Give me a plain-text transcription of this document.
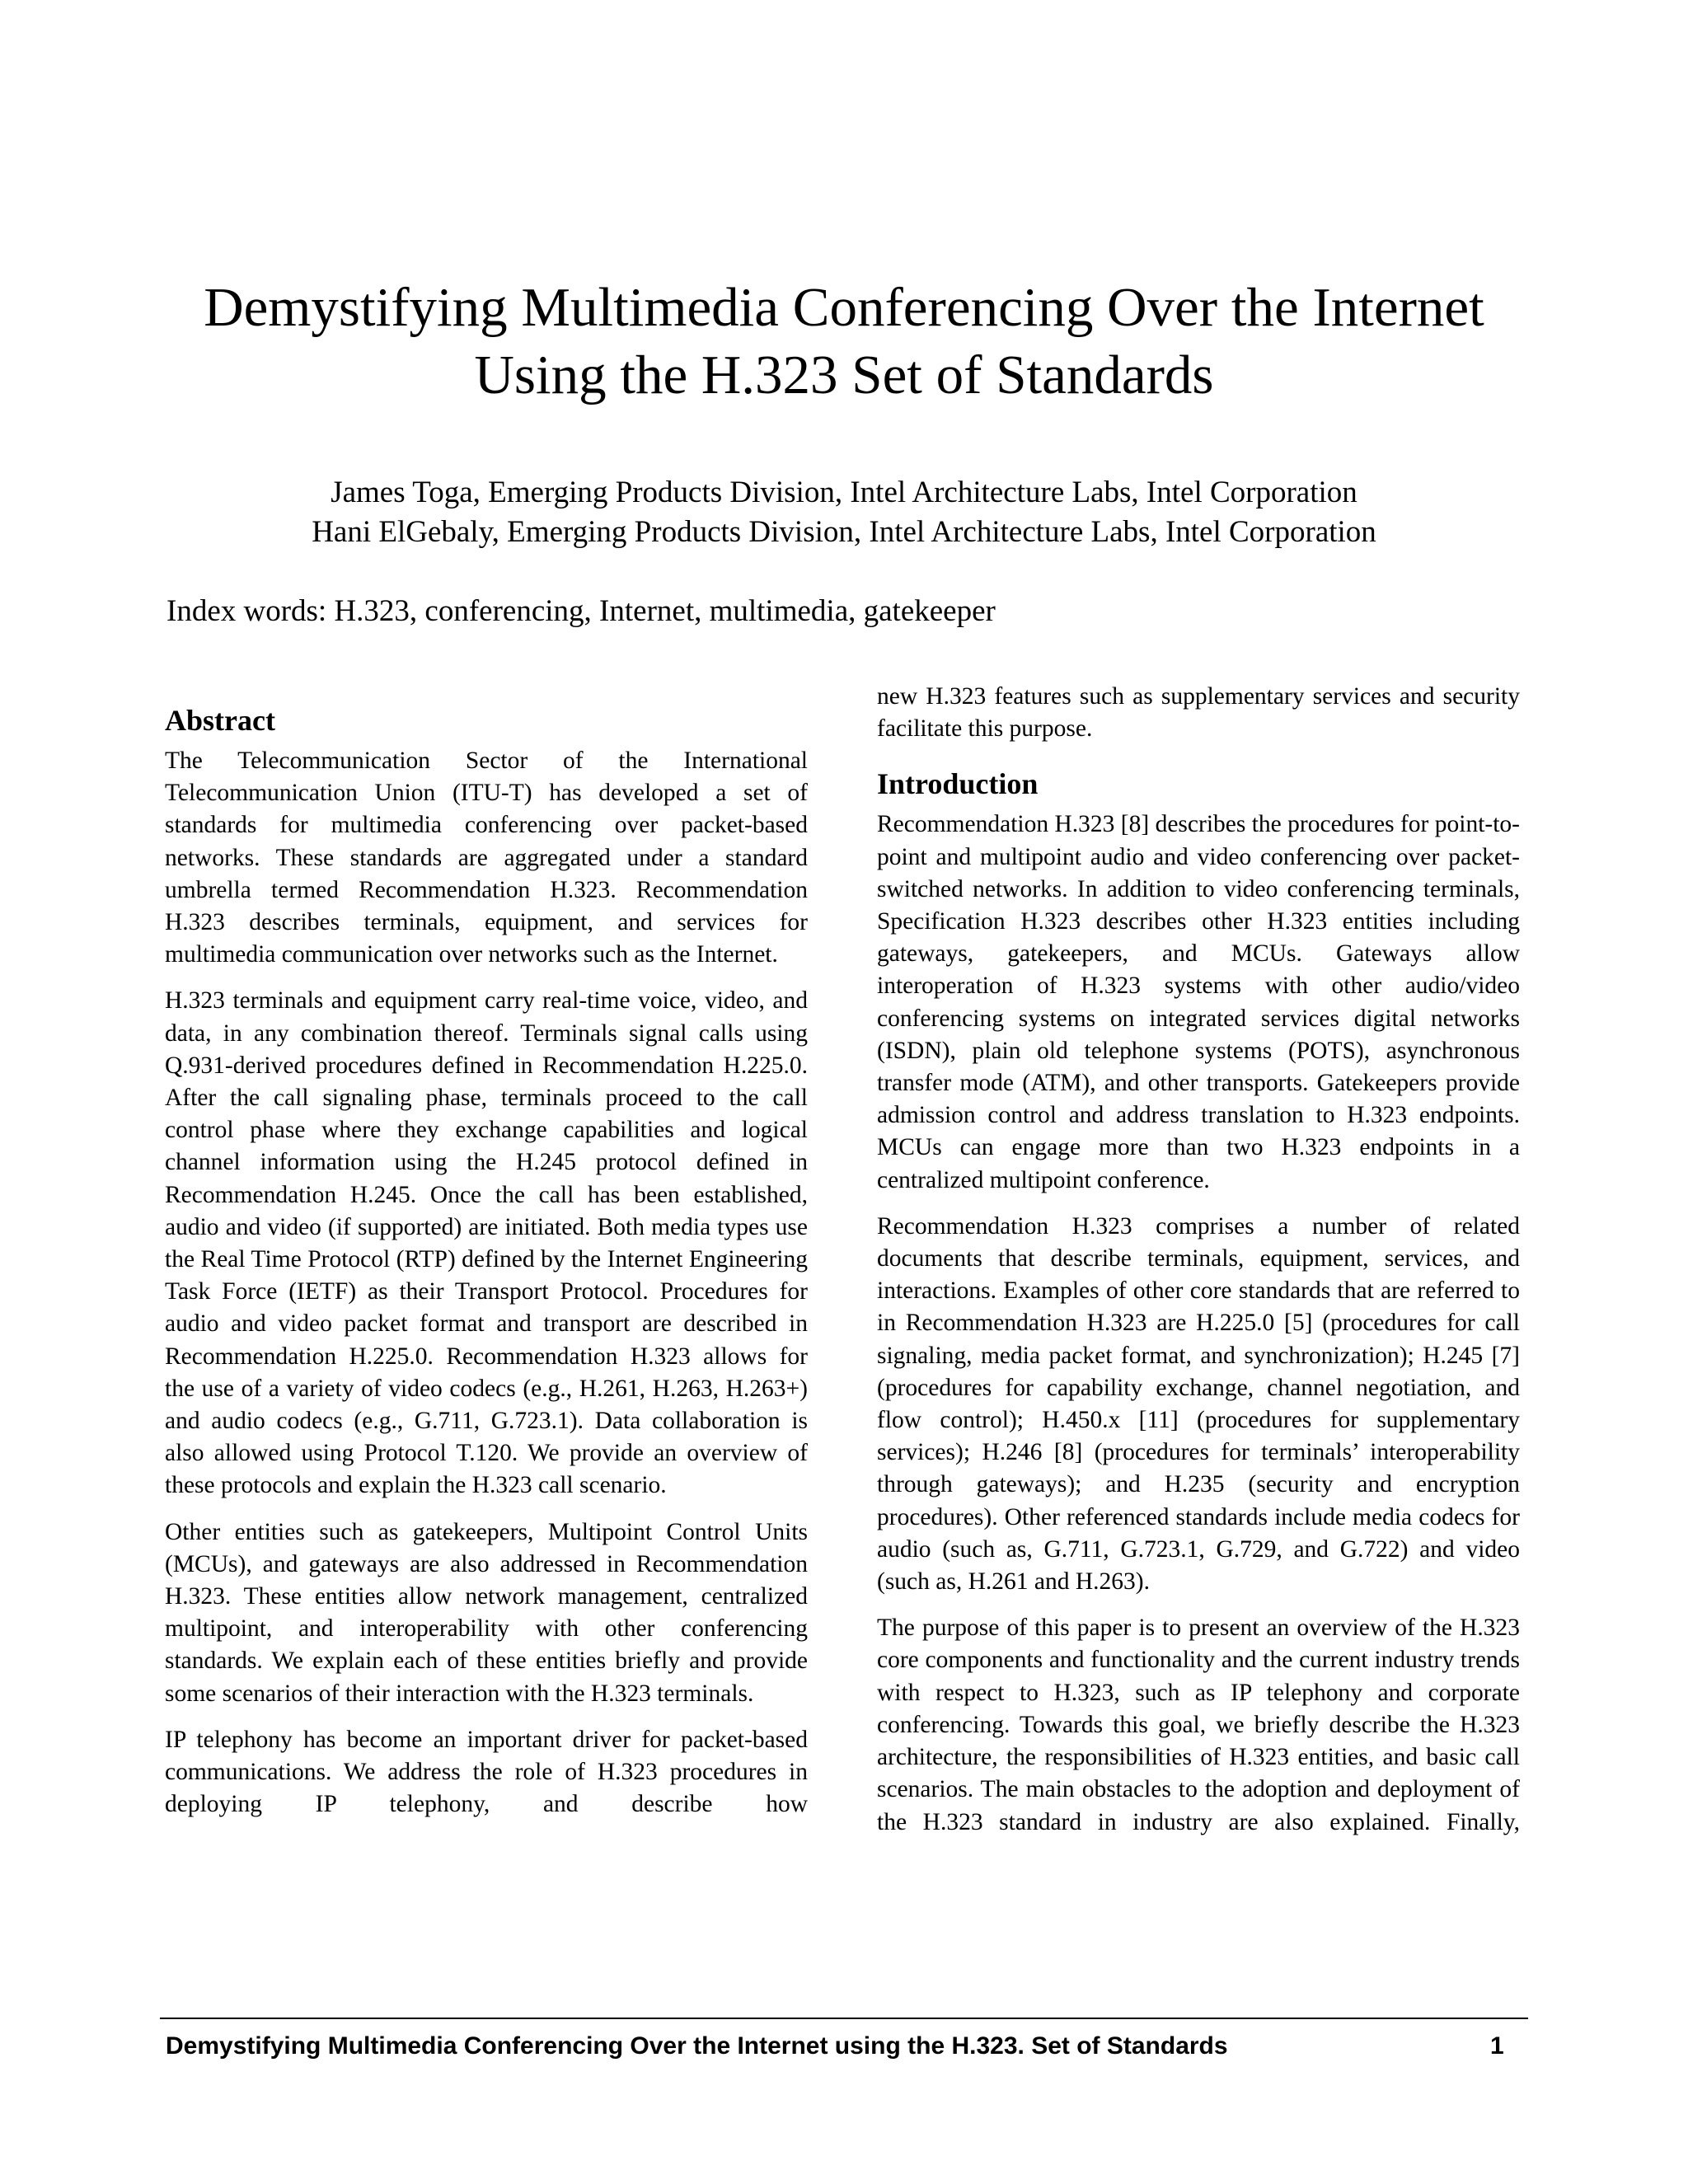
Demystifying Multimedia Conferencing Over the Internet
Using the H.323 Set of Standards
James Toga, Emerging Products Division, Intel Architecture Labs, Intel Corporation
Hani ElGebaly, Emerging Products Division, Intel Architecture Labs, Intel Corporation
Index words: H.323, conferencing, Internet, multimedia, gatekeeper
Abstract

The Telecommunication Sector of the International Telecommunication Union (ITU-T) has developed a set of standards for multimedia conferencing over packet-based networks. These standards are aggregated under a standard umbrella termed Recommendation H.323. Recommendation H.323 describes terminals, equipment, and services for multimedia communication over networks such as the Internet.

H.323 terminals and equipment carry real-time voice, video, and data, in any combination thereof. Terminals signal calls using Q.931-derived procedures defined in Recommendation H.225.0. After the call signaling phase, terminals proceed to the call control phase where they exchange capabilities and logical channel information using the H.245 protocol defined in Recommendation H.245. Once the call has been established, audio and video (if supported) are initiated. Both media types use the Real Time Protocol (RTP) defined by the Internet Engineering Task Force (IETF) as their Transport Protocol. Procedures for audio and video packet format and transport are described in Recommendation H.225.0. Recommendation H.323 allows for the use of a variety of video codecs (e.g., H.261, H.263, H.263+) and audio codecs (e.g., G.711, G.723.1). Data collaboration is also allowed using Protocol T.120. We provide an overview of these protocols and explain the H.323 call scenario.

Other entities such as gatekeepers, Multipoint Control Units (MCUs), and gateways are also addressed in Recommendation H.323. These entities allow network management, centralized multipoint, and interoperability with other conferencing standards. We explain each of these entities briefly and provide some scenarios of their interaction with the H.323 terminals.

IP telephony has become an important driver for packet-based communications. We address the role of H.323 procedures in deploying IP telephony, and describe how

new H.323 features such as supplementary services and security facilitate this purpose.

Introduction

Recommendation H.323 [8] describes the procedures for point-to-point and multipoint audio and video conferencing over packet-switched networks. In addition to video conferencing terminals, Specification H.323 describes other H.323 entities including gateways, gatekeepers, and MCUs. Gateways allow interoperation of H.323 systems with other audio/video conferencing systems on integrated services digital networks (ISDN), plain old telephone systems (POTS), asynchronous transfer mode (ATM), and other transports. Gatekeepers provide admission control and address translation to H.323 endpoints. MCUs can engage more than two H.323 endpoints in a centralized multipoint conference.

Recommendation H.323 comprises a number of related documents that describe terminals, equipment, services, and interactions. Examples of other core standards that are referred to in Recommendation H.323 are H.225.0 [5] (procedures for call signaling, media packet format, and synchronization); H.245 [7] (procedures for capability exchange, channel negotiation, and flow control); H.450.x [11] (procedures for supplementary services); H.246 [8] (procedures for terminals’ interoperability through gateways); and H.235 (security and encryption procedures). Other referenced standards include media codecs for audio (such as, G.711, G.723.1, G.729, and G.722) and video (such as, H.261 and H.263).

The purpose of this paper is to present an overview of the H.323 core components and functionality and the current industry trends with respect to H.323, such as IP telephony and corporate conferencing. Towards this goal, we briefly describe the H.323 architecture, the responsibilities of H.323 entities, and basic call scenarios. The main obstacles to the adoption and deployment of the H.323 standard in industry are also explained. Finally,

Demystifying Multimedia Conferencing Over the Internet using the H.323. Set of Standards	1
